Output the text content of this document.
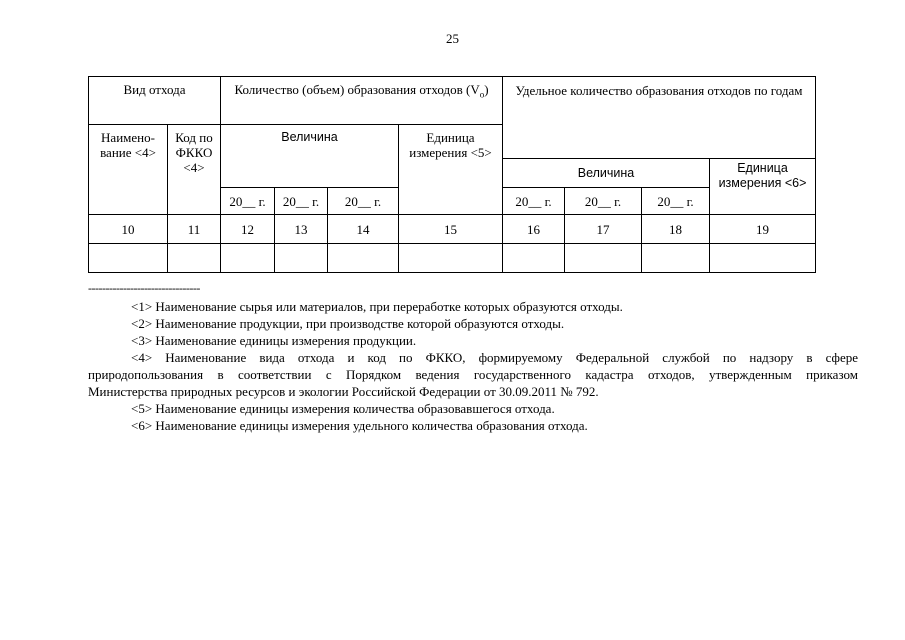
25
Вид отхода		Количество (объем) образования отходов $(V_o)$				Удельное количество образования отходов по годам			
Наимено-вание <4>	Код по ФККО <4>	Величина			Единица измерения <5>				
						Величина			Единица измерения <6>
		20__ г.	20__ г.	20__ г.		20__ г.	20__ г.	20__ г.	
10	11	12	13	14	15	16	17	18	19

--------------------------------

<1> Наименование сырья или материалов, при переработке которых образуются отходы.

<2> Наименование продукции, при производстве которой образуются отходы.

<3> Наименование единицы измерения продукции.

<4> Наименование вида отхода и код по ФККО, формируемому Федеральной службой по надзору в сфере
природопользования в соответствии с Порядком ведения государственного кадастра отходов, утвержденным приказом
Министерства природных ресурсов и экологии Российской Федерации от 30.09.2011 № 792.

<5> Наименование единицы измерения количества образовавшегося отхода.

<6> Наименование единицы измерения удельного количества образования отхода.
